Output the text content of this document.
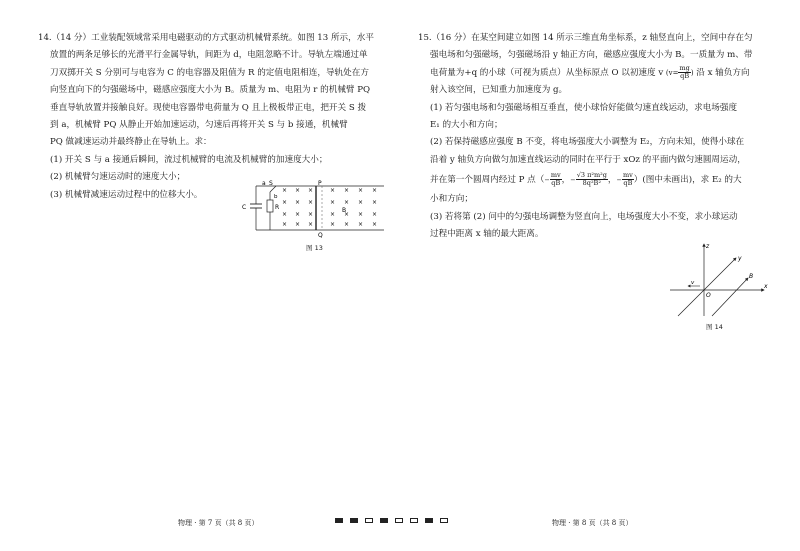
14.（14 分）工业装配领域常采用电磁驱动的方式驱动机械臂系统。如图 13 所示，水平

放置的两条足够长的光滑平行金属导轨，间距为 d，电阻忽略不计。导轨左端通过单

刀双掷开关 S 分别可与电容为 C 的电容器及阻值为 R 的定值电阻相连，导轨处在方

向竖直向下的匀强磁场中，磁感应强度大小为 B。质量为 m、电阻为 r 的机械臂 PQ

垂直导轨放置并接触良好。现使电容器带电荷量为 Q 且上极板带正电，把开关 S 拨

到 a，机械臂 PQ 从静止开始加速运动，匀速后再将开关 S 与 b 接通，机械臂

PQ 做减速运动并最终静止在导轨上。求：

(1) 开关 S 与 a 接通后瞬间，流过机械臂的电流及机械臂的加速度大小；

(2) 机械臂匀速运动时的速度大小；

(3) 机械臂减速运动过程中的位移大小。

a S
b
C	R
P
Q
B
×
×
×
×
×
×
×
×
×
×
×
×
×
×
×
×
×
×
×
×
×
×
×
×
×
×
×
×
图 13

15.（16 分）在某空间建立如图 14 所示三维直角坐标系，z 轴竖直向上，空间中存在匀

强电场和匀强磁场，匀强磁场沿 y 轴正方向，磁感应强度大小为 B。一质量为 m、带

电荷量为+q 的小球（可视为质点）从坐标原点 O 以初速度 v ($v= \frac{mg}{qB}$ ) 沿 x 轴负方向

射入该空间，已知重力加速度为 g。

(1) 若匀强电场和匀强磁场相互垂直，使小球恰好能做匀速直线运动，求电场强度

E₁ 的大小和方向；

(2) 若保持磁感应强度 B 不变，将电场强度大小调整为 E₂，方向未知，使得小球在

沿着 y 轴负方向做匀加速直线运动的同时在平行于 xOz 的平面内做匀速圆周运动，

并在第一个圆周内经过 P 点（− $\frac{mv}{qB}$ ，− $\frac{\text{√3 π²m²g}}{\text{8q²B²}}$ ，− $\frac{mv}{qB}$ ）(图中未画出)，求 E₂ 的大

小和方向；

(3) 若将第 (2) 问中的匀强电场调整为竖直向上，电场强度大小不变，求小球运动

过程中距离 x 轴的最大距离。

z
y
x
O
v
B
图 14
物理 · 第 7 页（共 8 页）	物理 · 第 8 页（共 8 页）
